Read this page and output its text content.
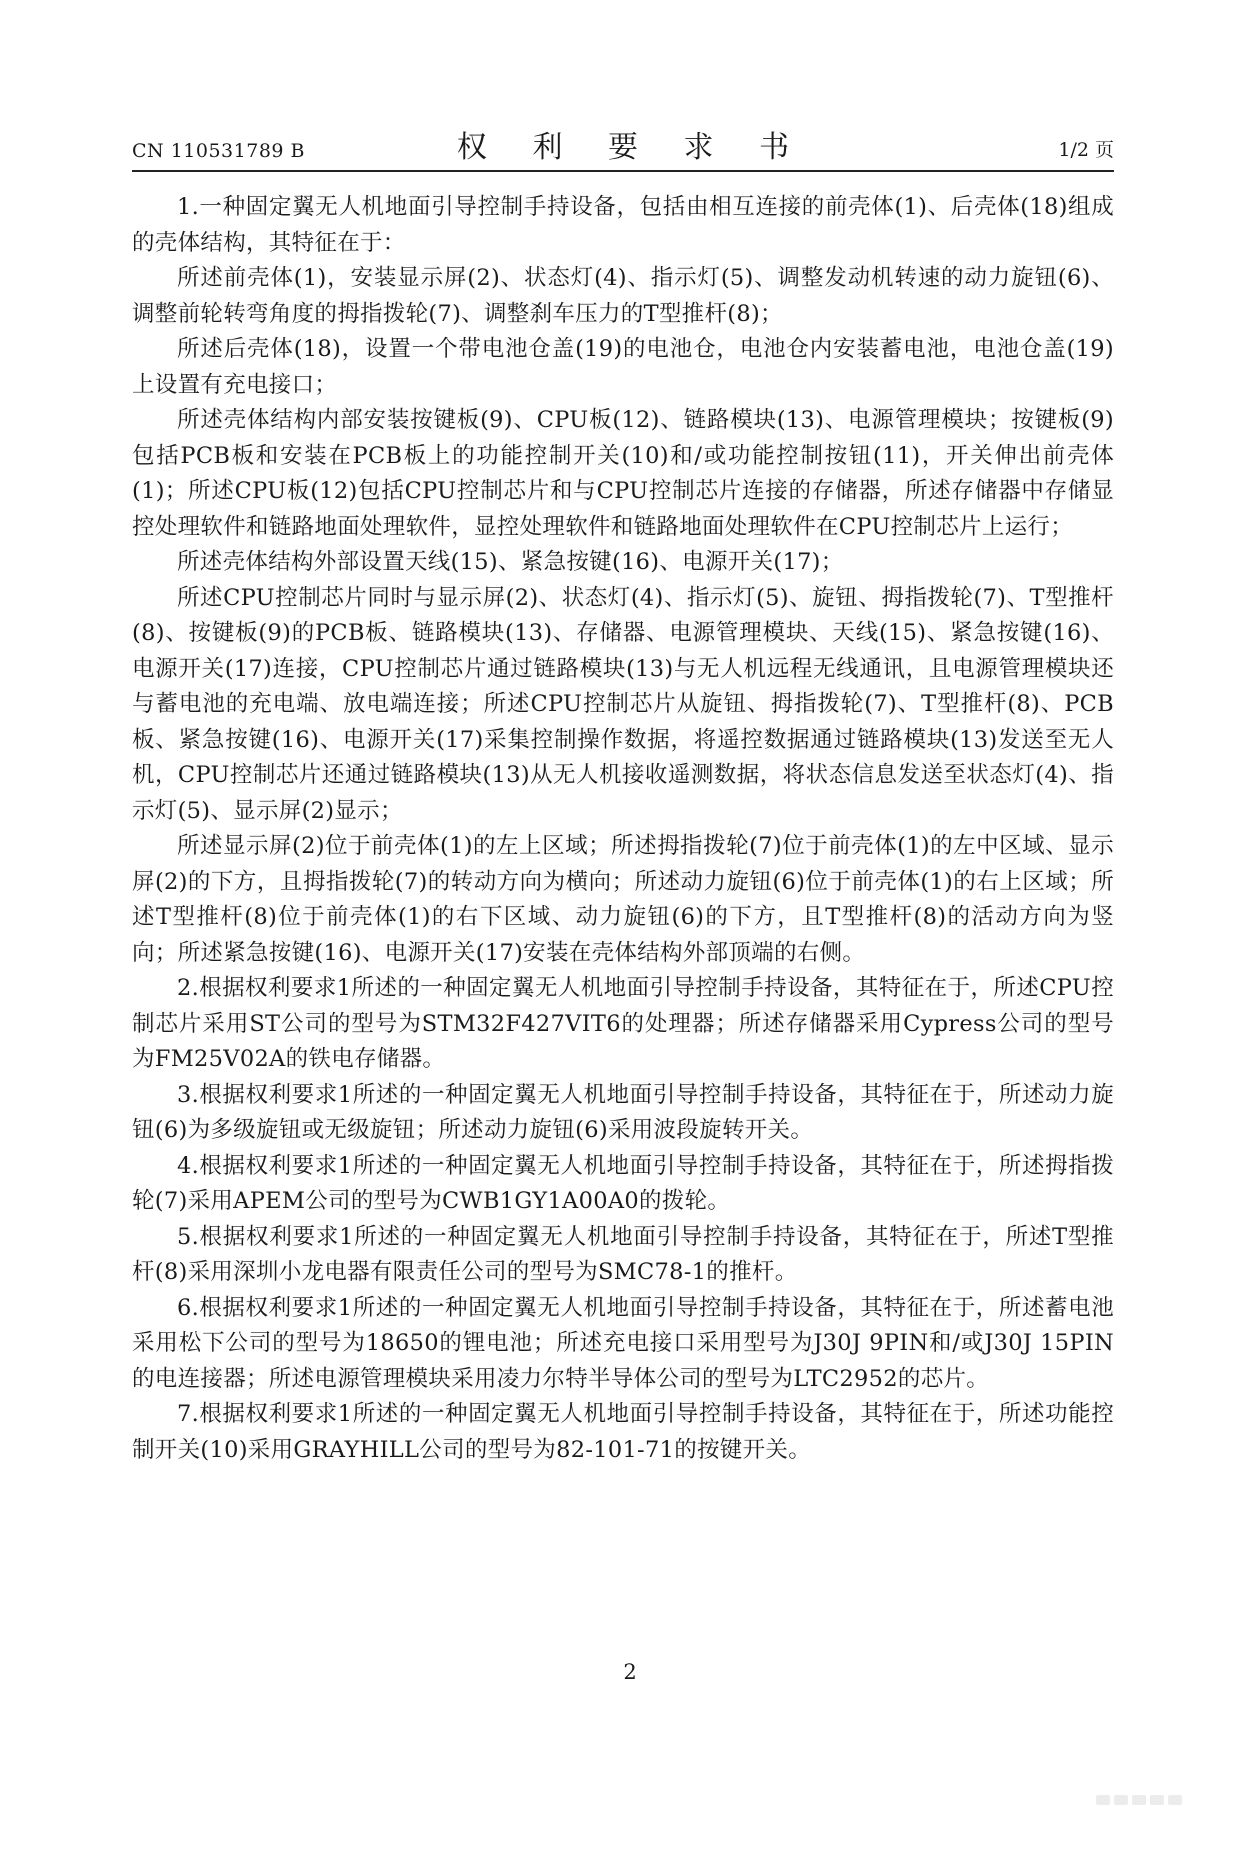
CN 110531789 B	权 利 要 求 书	1/2 页

1.一种固定翼无人机地面引导控制手持设备，包括由相互连接的前壳体(1)、后壳体(18)组成的壳体结构，其特征在于：

所述前壳体(1)，安装显示屏(2)、状态灯(4)、指示灯(5)、调整发动机转速的动力旋钮(6)、调整前轮转弯角度的拇指拨轮(7)、调整刹车压力的T型推杆(8)；

所述后壳体(18)，设置一个带电池仓盖(19)的电池仓，电池仓内安装蓄电池，电池仓盖(19)上设置有充电接口；

所述壳体结构内部安装按键板(9)、CPU板(12)、链路模块(13)、电源管理模块；按键板(9)包括PCB板和安装在PCB板上的功能控制开关(10)和/或功能控制按钮(11)，开关伸出前壳体(1)；所述CPU板(12)包括CPU控制芯片和与CPU控制芯片连接的存储器，所述存储器中存储显控处理软件和链路地面处理软件，显控处理软件和链路地面处理软件在CPU控制芯片上运行；

所述壳体结构外部设置天线(15)、紧急按键(16)、电源开关(17)；

所述CPU控制芯片同时与显示屏(2)、状态灯(4)、指示灯(5)、旋钮、拇指拨轮(7)、T型推杆(8)、按键板(9)的PCB板、链路模块(13)、存储器、电源管理模块、天线(15)、紧急按键(16)、电源开关(17)连接，CPU控制芯片通过链路模块(13)与无人机远程无线通讯，且电源管理模块还与蓄电池的充电端、放电端连接；所述CPU控制芯片从旋钮、拇指拨轮(7)、T型推杆(8)、PCB板、紧急按键(16)、电源开关(17)采集控制操作数据，将遥控数据通过链路模块(13)发送至无人机，CPU控制芯片还通过链路模块(13)从无人机接收遥测数据，将状态信息发送至状态灯(4)、指示灯(5)、显示屏(2)显示；

所述显示屏(2)位于前壳体(1)的左上区域；所述拇指拨轮(7)位于前壳体(1)的左中区域、显示屏(2)的下方，且拇指拨轮(7)的转动方向为横向；所述动力旋钮(6)位于前壳体(1)的右上区域；所述T型推杆(8)位于前壳体(1)的右下区域、动力旋钮(6)的下方，且T型推杆(8)的活动方向为竖向；所述紧急按键(16)、电源开关(17)安装在壳体结构外部顶端的右侧。

2.根据权利要求1所述的一种固定翼无人机地面引导控制手持设备，其特征在于，所述CPU控制芯片采用ST公司的型号为STM32F427VIT6的处理器；所述存储器采用Cypress公司的型号为FM25V02A的铁电存储器。

3.根据权利要求1所述的一种固定翼无人机地面引导控制手持设备，其特征在于，所述动力旋钮(6)为多级旋钮或无级旋钮；所述动力旋钮(6)采用波段旋转开关。

4.根据权利要求1所述的一种固定翼无人机地面引导控制手持设备，其特征在于，所述拇指拨轮(7)采用APEM公司的型号为CWB1GY1A00A0的拨轮。

5.根据权利要求1所述的一种固定翼无人机地面引导控制手持设备，其特征在于，所述T型推杆(8)采用深圳小龙电器有限责任公司的型号为SMC78-1的推杆。

6.根据权利要求1所述的一种固定翼无人机地面引导控制手持设备，其特征在于，所述蓄电池采用松下公司的型号为18650的锂电池；所述充电接口采用型号为J30J 9PIN和/或J30J 15PIN的电连接器；所述电源管理模块采用凌力尔特半导体公司的型号为LTC2952的芯片。

7.根据权利要求1所述的一种固定翼无人机地面引导控制手持设备，其特征在于，所述功能控制开关(10)采用GRAYHILL公司的型号为82-101-71的按键开关。

2
